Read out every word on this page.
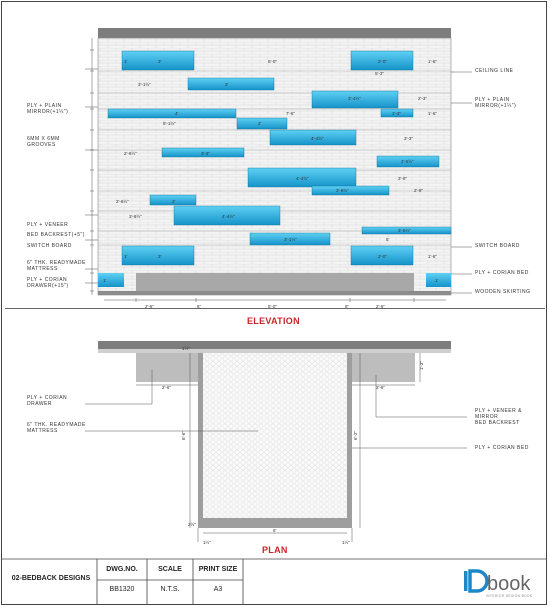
1'	3'	6'-0"	2'-0"	1'-6"
5'-3"
3'-1½"	3'
3'-4½"	2'-3"
4'	7'-6"	1'-3"	1'-6"
5'-1½"	2'
4'-4½"	3'-3"
2'-6½"	3'-3"
2'-5½"
4'-4½"	3'-9"
3'-8½"	2'-9"
2'-6½"	2'
3'-8½"	4'-4½"
3'-6½"
3'-1½"	5'
1'	3'	2'-0"	1'-6"
1'	1'
2'-6"	6"	5'-0"	6"	2'-6"
1½"
2'-6"	2'-6"
6'-6"	6'-2"
6'
2½"
1½"	1½"
1'-3"
ELEVATION
PLAN
PLY + PLAIN
MIRROR(+1¼")
6MM X 6MM
GROOVES
PLY + VENEER
BED BACKREST(+5")
SWITCH BOARD
6" THK. READYMADE
MATTRESS
PLY + CORIAN
DRAWER(+15")
CEILING LINE
PLY + PLAIN
MIRROR(+1¼")
SWITCH BOARD
PLY + CORIAN BED
WOODEN SKIRTING
PLY + CORIAN
DRAWER
6" THK. READYMADE
MATTRESS
PLY + VENEER &
MIRROR
BED BACKREST
PLY + CORIAN BED
02-BEDBACK DESIGNS
DWG.NO.	SCALE	PRINT SIZE
BB1320	N.T.S.	A3	book
INTERIOR DESIGN BOOK
